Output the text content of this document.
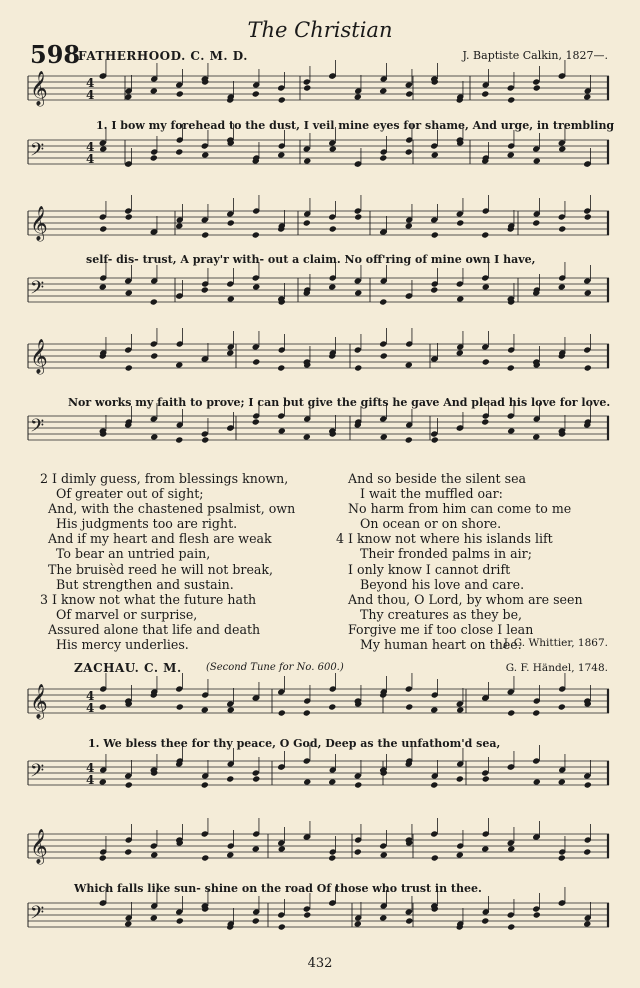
The Christian
598
FATHERHOOD. C. M. D.	J. Baptiste Calkin, 1827—.
𝄞
𝄢
𝄞
𝄢
𝄞
𝄢
𝄞
𝄢
𝄞
𝄢
4
4
4
4
4
4
4
4
1. I bow my forehead to the dust, I veil mine eyes for shame, And urge, in trembling
self- dis- trust, A pray'r with- out a claim. No off'ring of mine own I have,
Nor works my faith to prove; I can but give the gifts he gave And plead his love for love.
2 I dimly guess, from blessings known,
Of greater out of sight;
And, with the chastened psalmist, own
His judgments too are right.
And if my heart and flesh are weak
To bear an untried pain,
The bruisèd reed he will not break,
But strengthen and sustain.
3 I know not what the future hath
Of marvel or surprise,
Assured alone that life and death
His mercy underlies.
And so beside the silent sea
I wait the muffled oar:
No harm from him can come to me
On ocean or on shore.
4 I know not where his islands lift
Their fronded palms in air;
I only know I cannot drift
Beyond his love and care.
And thou, O Lord, by whom are seen
Thy creatures as they be,
Forgive me if too close I lean
My human heart on thee.
J. G. Whittier, 1867.
ZACHAU. C. M. (Second Tune for No. 600.)	G. F. Händel, 1748.
1. We bless thee for thy peace, O God, Deep as the unfathom'd sea,
Which falls like sun- shine on the road Of those who trust in thee.
432
